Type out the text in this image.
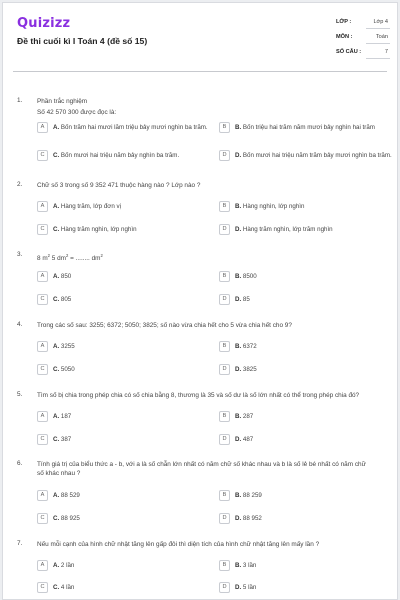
Quizizz
Đề thi cuối kì I Toán 4 (đề số 15)
LỚP :	Lớp 4
MÔN :	Toán
SỐ CÂU :	7
1. Phần trắc nghiệm
Số 42 570 300 được đọc là:
A	A. Bốn trăm hai mươi lăm triệu bảy mươi nghìn ba trăm.	B	B. Bốn triệu hai trăm năm mươi bảy nghìn hai trăm
C	C. Bốn mươi hai triệu năm bảy nghìn ba trăm.	D	D. Bốn mươi hai triệu năm trăm bảy mươi nghìn ba trăm.
2. Chữ số 3 trong số 9 352 471 thuộc hàng nào ? Lớp nào ?
A	A. Hàng trăm, lớp đơn vị	B	B. Hàng nghìn, lớp nghìn
C	C. Hàng trăm nghìn, lớp nghìn	D	D. Hàng trăm nghìn, lớp trăm nghìn
3.
8 $m^2$ 5 $dm^2$ = ........ $dm^2$
A	A. 850	B	B. 8500
C	C. 805	D	D. 85
4. Trong các số sau: 3255; 6372; 5050; 3825; số nào vừa chia hết cho 5 vừa chia hết cho 9?
A	A. 3255	B	B. 6372
C	C. 5050	D	D. 3825
5. Tìm số bị chia trong phép chia có số chia bằng 8, thương là 35 và số dư là số lớn nhất có thể trong phép chia đó?
A	A. 187	B	B. 287
C	C. 387	D	D. 487
6. Tính giá trị của biểu thức a - b, với a là số chẵn lớn nhất có năm chữ số khác nhau và b là số lẻ bé nhất có năm chữ số khác nhau ?
A	A. 88 529	B	B. 88 259
C	C. 88 925	D	D. 88 952
7. Nếu mỗi cạnh của hình chữ nhật tăng lên gấp đôi thì diện tích của hình chữ nhật tăng lên mấy lần ?
A	A. 2 lần	B	B. 3 lần
C	C. 4 lần	D	D. 5 lần
